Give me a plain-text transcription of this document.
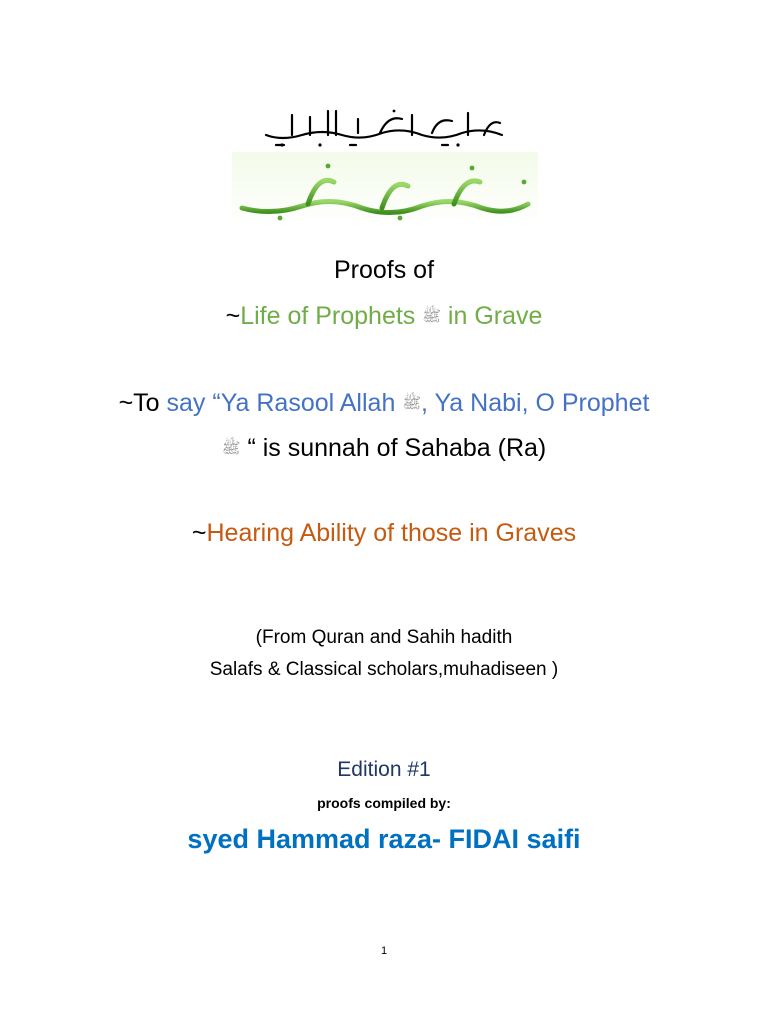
Proofs of
~Life of Prophets ﷺ in Grave
~To say “Ya Rasool Allah ﷺ, Ya Nabi, O Prophet
ﷺ “ is sunnah of Sahaba (Ra)
~Hearing Ability of those in Graves
(From Quran and Sahih hadith
Salafs & Classical scholars,muhadiseen )
Edition #1
proofs compiled by:
syed Hammad raza- FIDAI saifi
1
